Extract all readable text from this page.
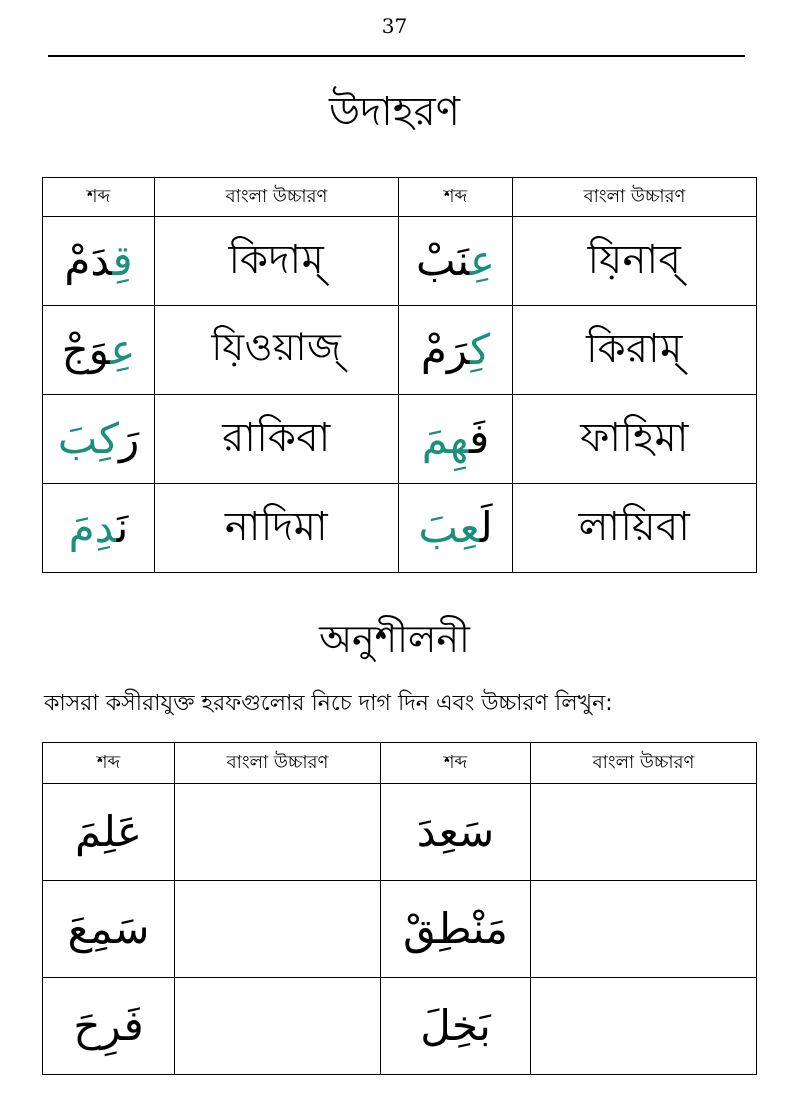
37
উদাহরণ
শব্দ	বাংলা উচ্চারণ	শব্দ	বাংলা উচ্চারণ
قِدَمْ	কিদাম্	عِنَبْ	যি়নাব্
عِوَجْ	যি়ওয়াজ্	كِرَمْ	কিরাম্
رَكِبَ	রাকিবা	فَهِمَ	ফাহিমা
نَدِمَ	নাদিমা	لَعِبَ	লায়িবা
অনুশীলনী
কাসরা কসীরাযুক্ত হরফগুলোর নিচে দাগ দিন এবং উচ্চারণ লিখুন:
শব্দ	বাংলা উচ্চারণ	শব্দ	বাংলা উচ্চারণ
عَلِمَ		سَعِدَ	
سَمِعَ		مَنْطِقْ	
فَرِحَ		بَخِلَ	
